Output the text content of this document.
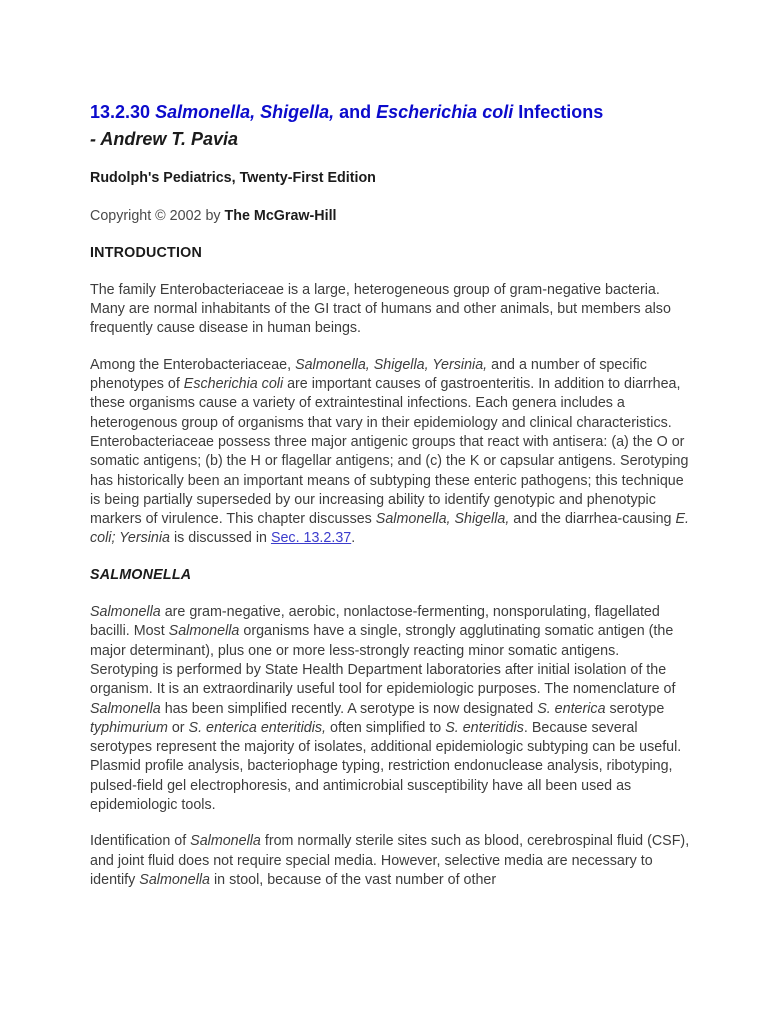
13.2.30 Salmonella, Shigella, and Escherichia coli Infections
- Andrew T. Pavia
Rudolph's Pediatrics, Twenty-First Edition

Copyright © 2002 by The McGraw-Hill

INTRODUCTION

The family Enterobacteriaceae is a large, heterogeneous group of gram-negative bacteria. Many are normal inhabitants of the GI tract of humans and other animals, but members also frequently cause disease in human beings.

Among the Enterobacteriaceae, Salmonella, Shigella, Yersinia, and a number of specific phenotypes of Escherichia coli are important causes of gastroenteritis. In addition to diarrhea, these organisms cause a variety of extraintestinal infections. Each genera includes a heterogenous group of organisms that vary in their epidemiology and clinical characteristics. Enterobacteriaceae possess three major antigenic groups that react with antisera: (a) the O or somatic antigens; (b) the H or flagellar antigens; and (c) the K or capsular antigens. Serotyping has historically been an important means of subtyping these enteric pathogens; this technique is being partially superseded by our increasing ability to identify genotypic and phenotypic markers of virulence. This chapter discusses Salmonella, Shigella, and the diarrhea-causing E. coli; Yersinia is discussed in Sec. 13.2.37.

SALMONELLA

Salmonella are gram-negative, aerobic, nonlactose-fermenting, nonsporulating, flagellated bacilli. Most Salmonella organisms have a single, strongly agglutinating somatic antigen (the major determinant), plus one or more less-strongly reacting minor somatic antigens. Serotyping is performed by State Health Department laboratories after initial isolation of the organism. It is an extraordinarily useful tool for epidemiologic purposes. The nomenclature of Salmonella has been simplified recently. A serotype is now designated S. enterica serotype typhimurium or S. enterica enteritidis, often simplified to S. enteritidis. Because several serotypes represent the majority of isolates, additional epidemiologic subtyping can be useful. Plasmid profile analysis, bacteriophage typing, restriction endonuclease analysis, ribotyping, pulsed-field gel electrophoresis, and antimicrobial susceptibility have all been used as epidemiologic tools.

Identification of Salmonella from normally sterile sites such as blood, cerebrospinal fluid (CSF), and joint fluid does not require special media. However, selective media are necessary to identify Salmonella in stool, because of the vast number of other
